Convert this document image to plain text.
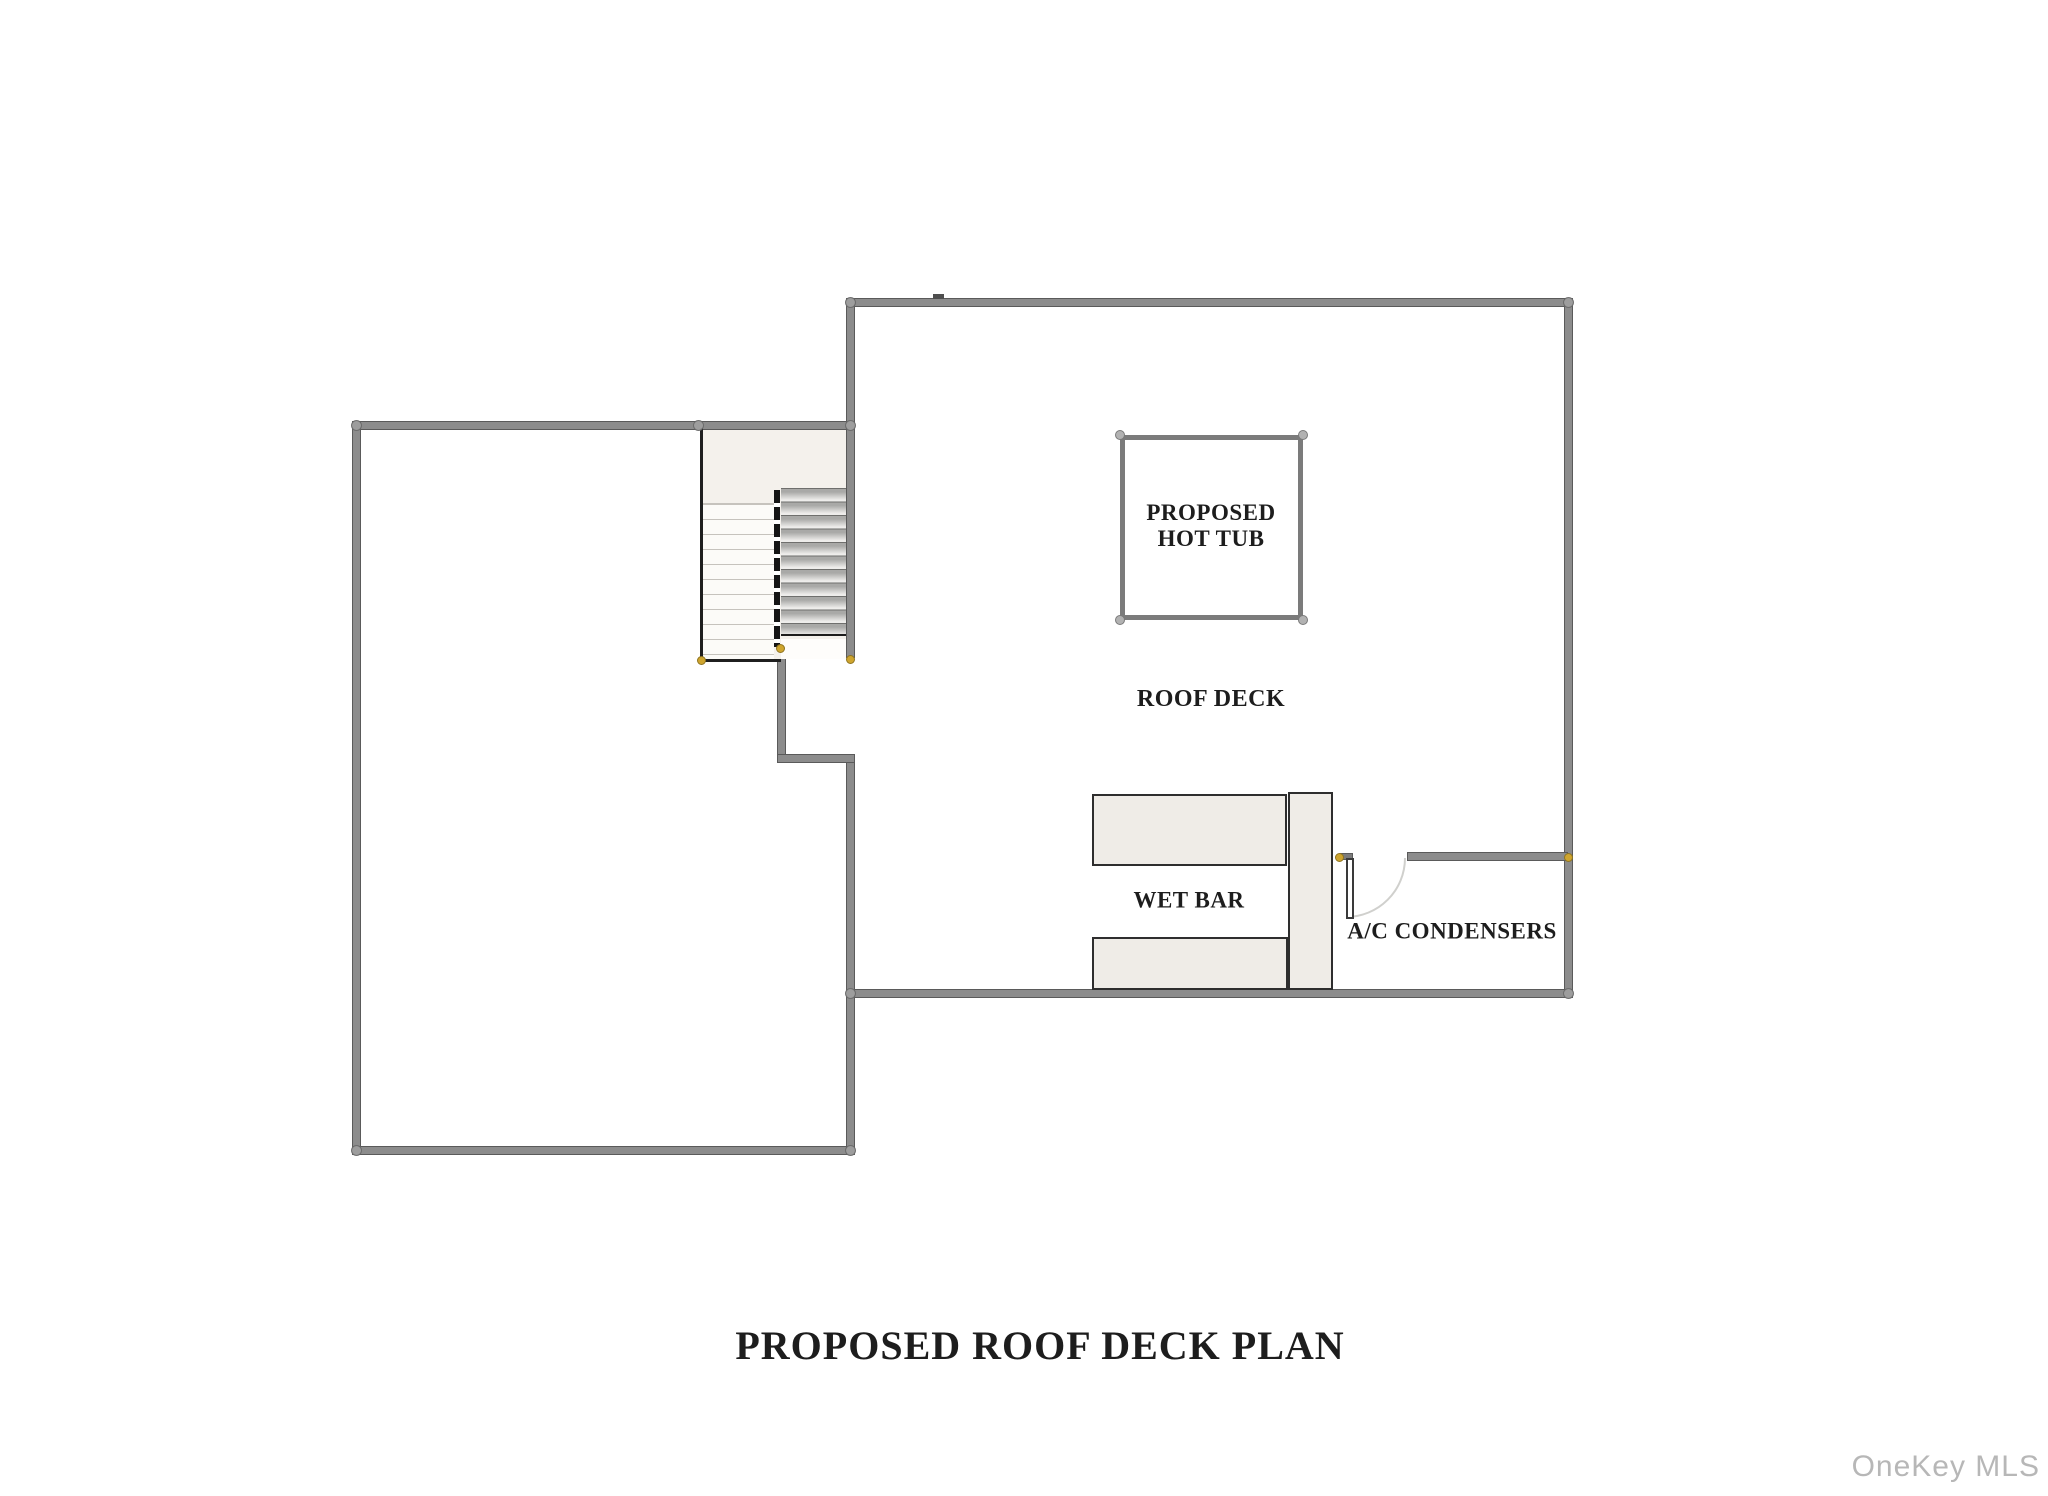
PROPOSED
HOT TUB
ROOF DECK
WET BAR
A/C CONDENSERS
PROPOSED ROOF DECK PLAN
OneKey MLS
